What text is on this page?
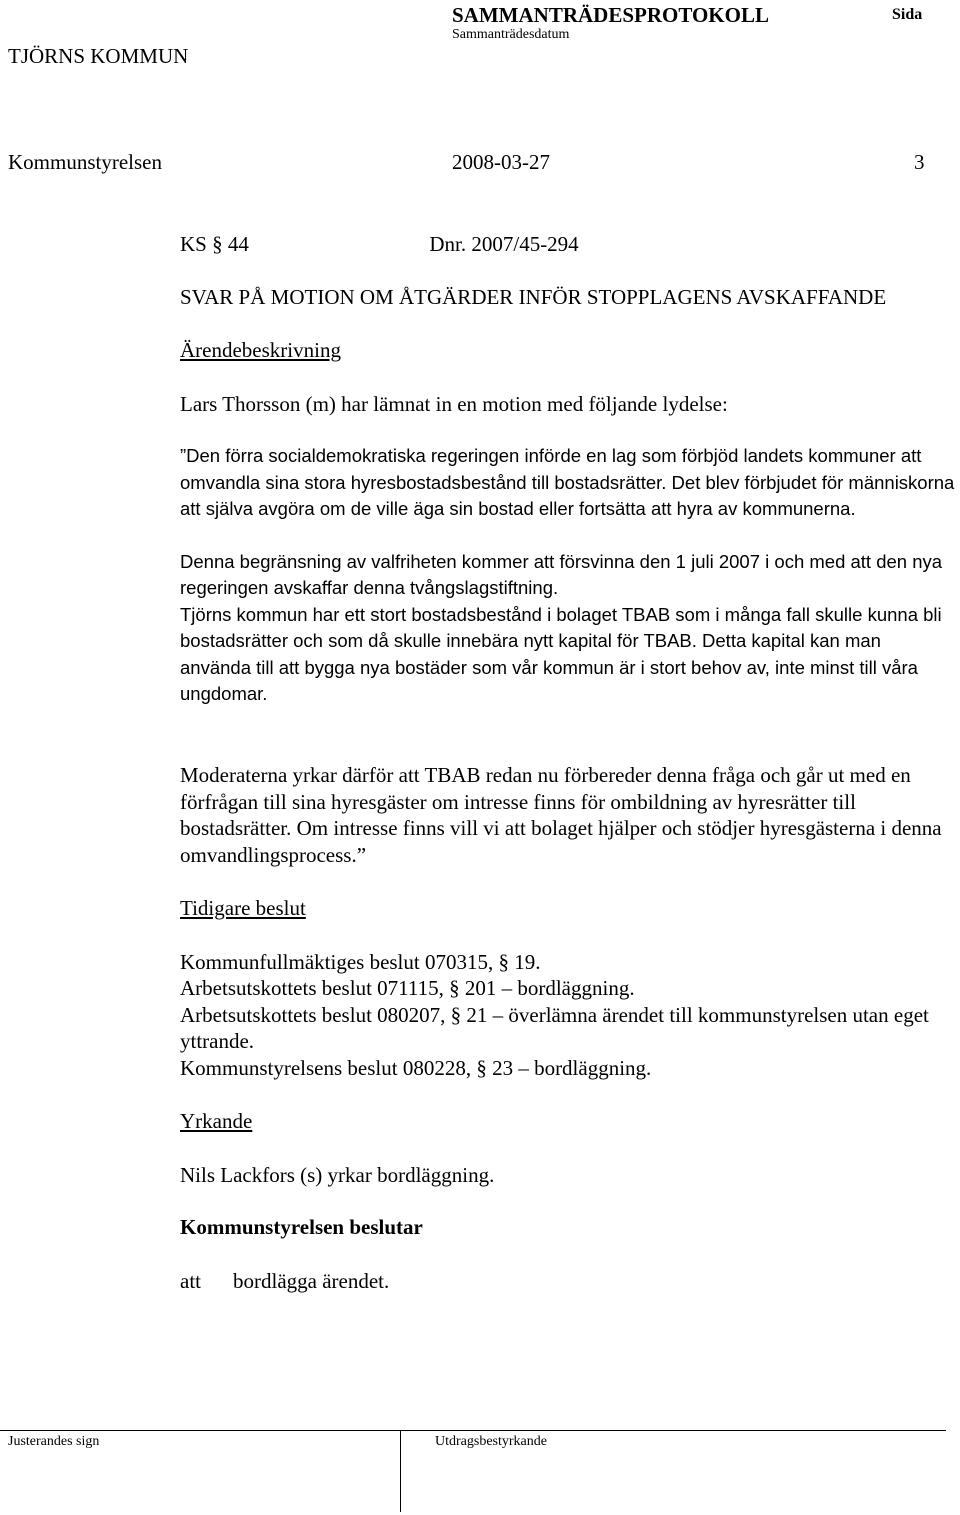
TJÖRNS KOMMUN
SAMMANTRÄDESPROTOKOLL
Sammanträdesdatum
Sida
Kommunstyrelsen	2008-03-27	3
KS § 44	Dnr. 2007/45-294
SVAR PÅ MOTION OM ÅTGÄRDER INFÖR STOPPLAGENS AVSKAFFANDE

Ärendebeskrivning

Lars Thorsson (m) har lämnat in en motion med följande lydelse:

”Den förra socialdemokratiska regeringen införde en lag som förbjöd landets kommuner att omvandla sina stora hyresbostadsbestånd till bostadsrätter. Det blev förbjudet för människorna att själva avgöra om de ville äga sin bostad eller fortsätta att hyra av kommunerna.

Denna begränsning av valfriheten kommer att försvinna den 1 juli 2007 i och med att den nya regeringen avskaffar denna tvångslagstiftning.

Tjörns kommun har ett stort bostadsbestånd i bolaget TBAB som i många fall skulle kunna bli bostadsrätter och som då skulle innebära nytt kapital för TBAB. Detta kapital kan man använda till att bygga nya bostäder som vår kommun är i stort behov av, inte minst till våra ungdomar.

Moderaterna yrkar därför att TBAB redan nu förbereder denna fråga och går ut med en förfrågan till sina hyresgäster om intresse finns för ombildning av hyresrätter till bostadsrätter. Om intresse finns vill vi att bolaget hjälper och stödjer hyresgästerna i denna omvandlingsprocess.”

Tidigare beslut

Kommunfullmäktiges beslut 070315, § 19.

Arbetsutskottets beslut 071115, § 201 – bordläggning.

Arbetsutskottets beslut 080207, § 21 – överlämna ärendet till kommunstyrelsen utan eget yttrande.

Kommunstyrelsens beslut 080228, § 23 – bordläggning.

Yrkande

Nils Lackfors (s) yrkar bordläggning.

Kommunstyrelsen beslutar

att bordlägga ärendet.

Justerandes sign	Utdragsbestyrkande
